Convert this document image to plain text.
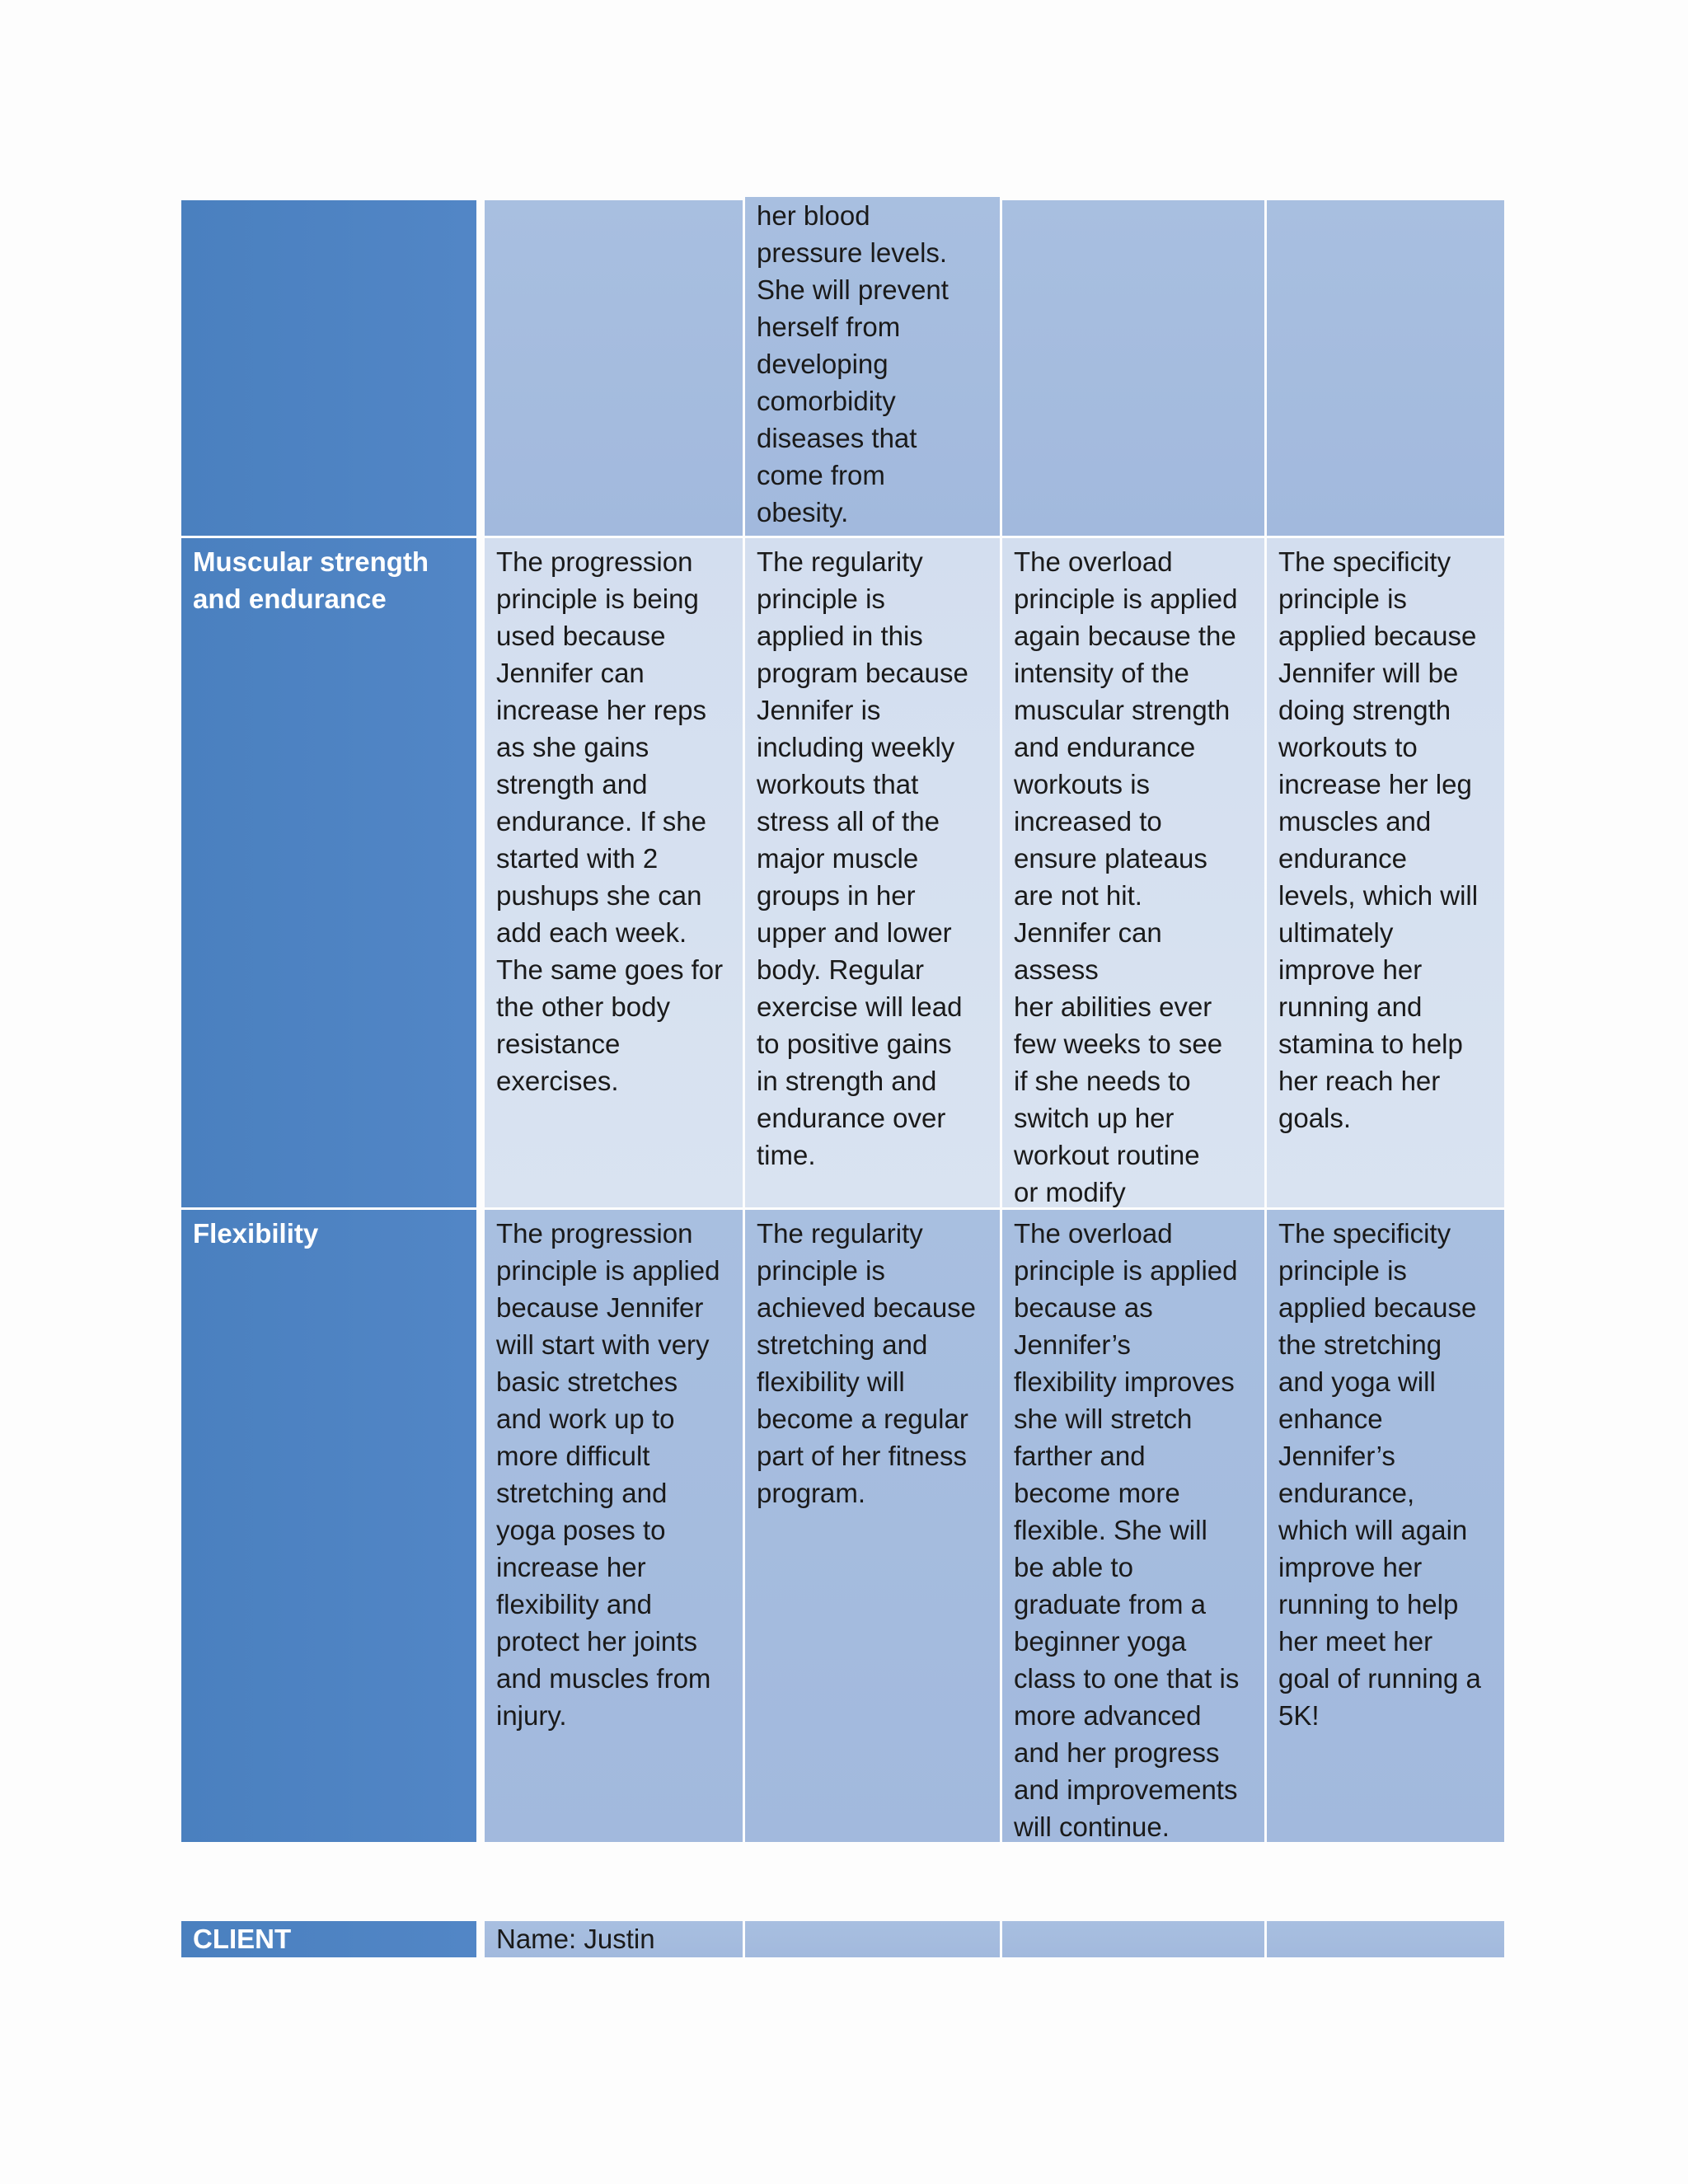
her blood
pressure levels.
She will prevent
herself from
developing
comorbidity
diseases that
come from
obesity.
Muscular strength
and endurance
The progression
principle is being
used because
Jennifer can
increase her reps
as she gains
strength and
endurance. If she
started with 2
pushups she can
add each week.
The same goes for
the other body
resistance
exercises.
The regularity
principle is
applied in this
program because
Jennifer is
including weekly
workouts that
stress all of the
major muscle
groups in her
upper and lower
body. Regular
exercise will lead
to positive gains
in strength and
endurance over
time.
The overload
principle is applied
again because the
intensity of the
muscular strength
and endurance
workouts is
increased to
ensure plateaus
are not hit.
Jennifer can assess
her abilities ever
few weeks to see
if she needs to
switch up her
workout routine
or modify

The specificity
principle is
applied because
Jennifer will be
doing strength
workouts to
increase her leg
muscles and
endurance
levels, which will
ultimately
improve her
running and
stamina to help
her reach her
goals.
Flexibility	The progression
principle is applied
because Jennifer
will start with very
basic stretches
and work up to
more difficult
stretching and
yoga poses to
increase her
flexibility and
protect her joints
and muscles from
injury.
The regularity
principle is
achieved because
stretching and
flexibility will
become a regular
part of her fitness
program.
The overload
principle is applied
because as
Jennifer’s
flexibility improves
she will stretch
farther and
become more
flexible. She will
be able to
graduate from a
beginner yoga
class to one that is
more advanced
and her progress
and improvements
will continue.
The specificity
principle is
applied because
the stretching
and yoga will
enhance
Jennifer’s
endurance,
which will again
improve her
running to help
her meet her
goal of running a
5K!
CLIENT	Name: Justin
